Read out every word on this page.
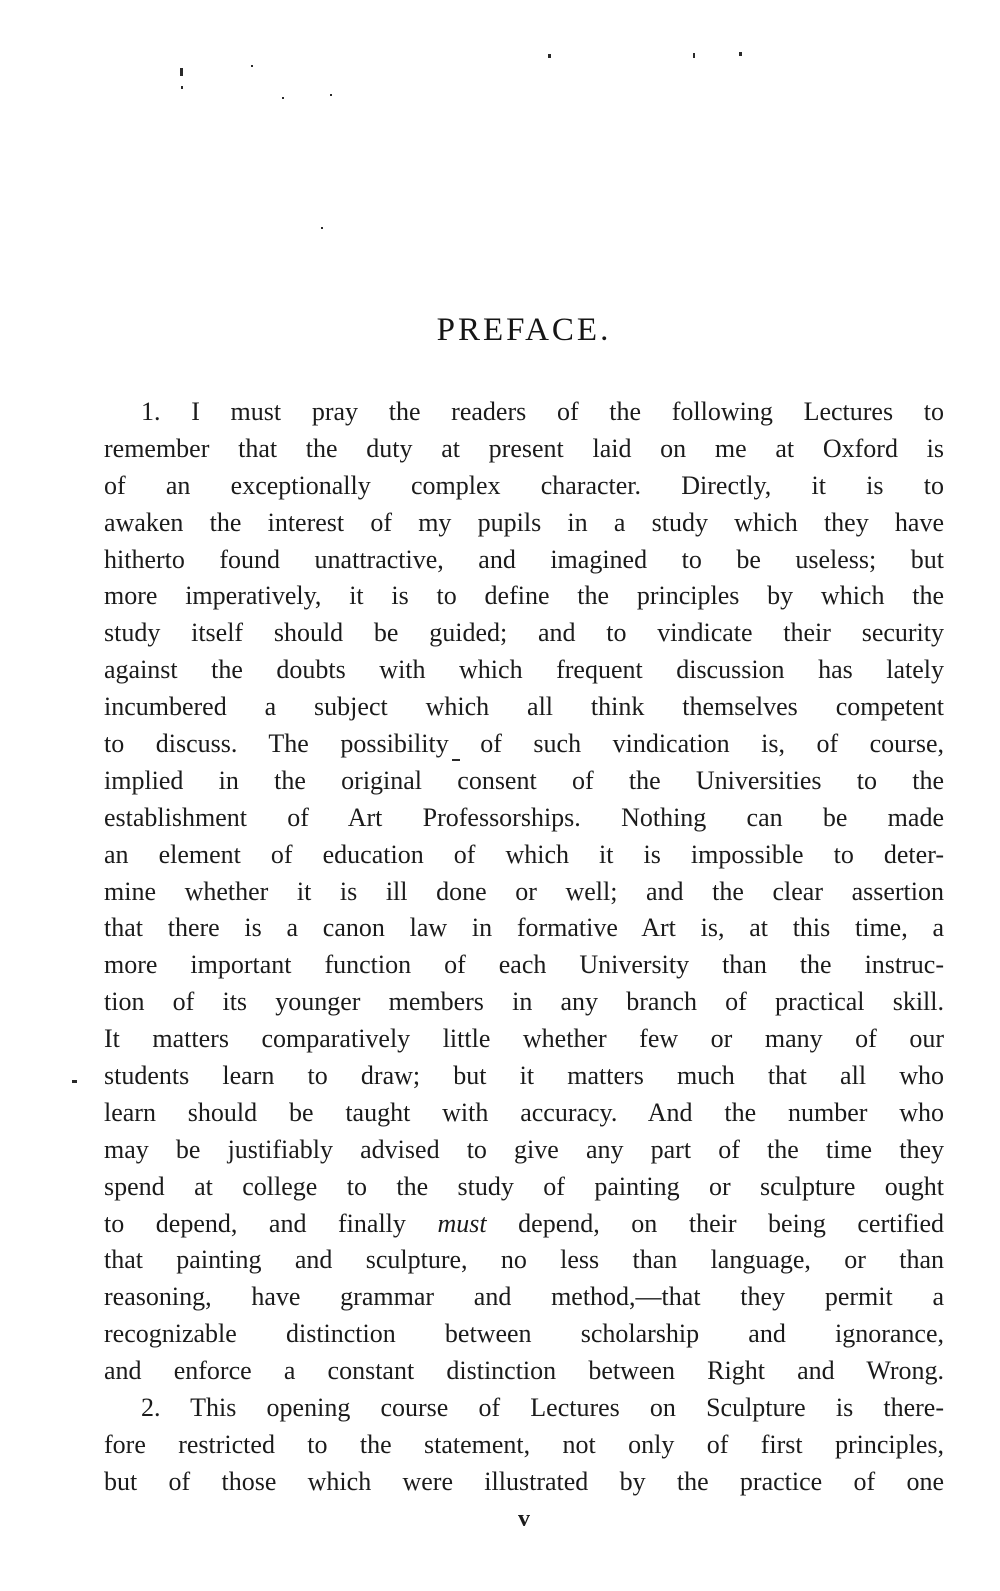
PREFACE.
1. I must pray the readers of the following Lectures to
remember that the duty at present laid on me at Oxford is
of an exceptionally complex character. Directly, it is to
awaken the interest of my pupils in a study which they have
hitherto found unattractive, and imagined to be useless; but
more imperatively, it is to define the principles by which the
study itself should be guided; and to vindicate their security
against the doubts with which frequent discussion has lately
incumbered a subject which all think themselves competent
to discuss. The possibility of such vindication is, of course,
implied in the original consent of the Universities to the
establishment of Art Professorships. Nothing can be made
an element of education of which it is impossible to deter-
mine whether it is ill done or well; and the clear assertion
that there is a canon law in formative Art is, at this time, a
more important function of each University than the instruc-
tion of its younger members in any branch of practical skill.
It matters comparatively little whether few or many of our
students learn to draw; but it matters much that all who
learn should be taught with accuracy. And the number who
may be justifiably advised to give any part of the time they
spend at college to the study of painting or sculpture ought
to depend, and finally must depend, on their being certified
that painting and sculpture, no less than language, or than
reasoning, have grammar and method,—that they permit a
recognizable distinction between scholarship and ignorance,
and enforce a constant distinction between Right and Wrong.
2. This opening course of Lectures on Sculpture is there-
fore restricted to the statement, not only of first principles,
but of those which were illustrated by the practice of one
v
